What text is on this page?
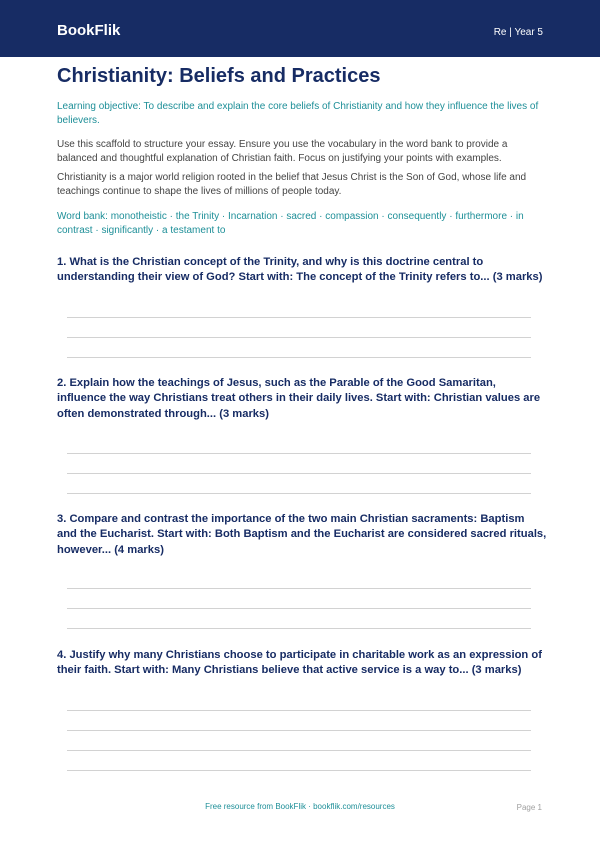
BookFlik	Re | Year 5
Christianity: Beliefs and Practices

Learning objective: To describe and explain the core beliefs of Christianity and how they influence the lives of believers.

Use this scaffold to structure your essay. Ensure you use the vocabulary in the word bank to provide a balanced and thoughtful explanation of Christian faith. Focus on justifying your points with examples.

Christianity is a major world religion rooted in the belief that Jesus Christ is the Son of God, whose life and teachings continue to shape the lives of millions of people today.

Word bank: monotheistic · the Trinity · Incarnation · sacred · compassion · consequently · furthermore · in contrast · significantly · a testament to

1. What is the Christian concept of the Trinity, and why is this doctrine central to understanding their view of God? Start with: The concept of the Trinity refers to... (3 marks)

2. Explain how the teachings of Jesus, such as the Parable of the Good Samaritan, influence the way Christians treat others in their daily lives. Start with: Christian values are often demonstrated through... (3 marks)

3. Compare and contrast the importance of the two main Christian sacraments: Baptism and the Eucharist. Start with: Both Baptism and the Eucharist are considered sacred rituals, however... (4 marks)

4. Justify why many Christians choose to participate in charitable work as an expression of their faith. Start with: Many Christians believe that active service is a way to... (3 marks)

Free resource from BookFlik · bookflik.com/resources	Page 1
